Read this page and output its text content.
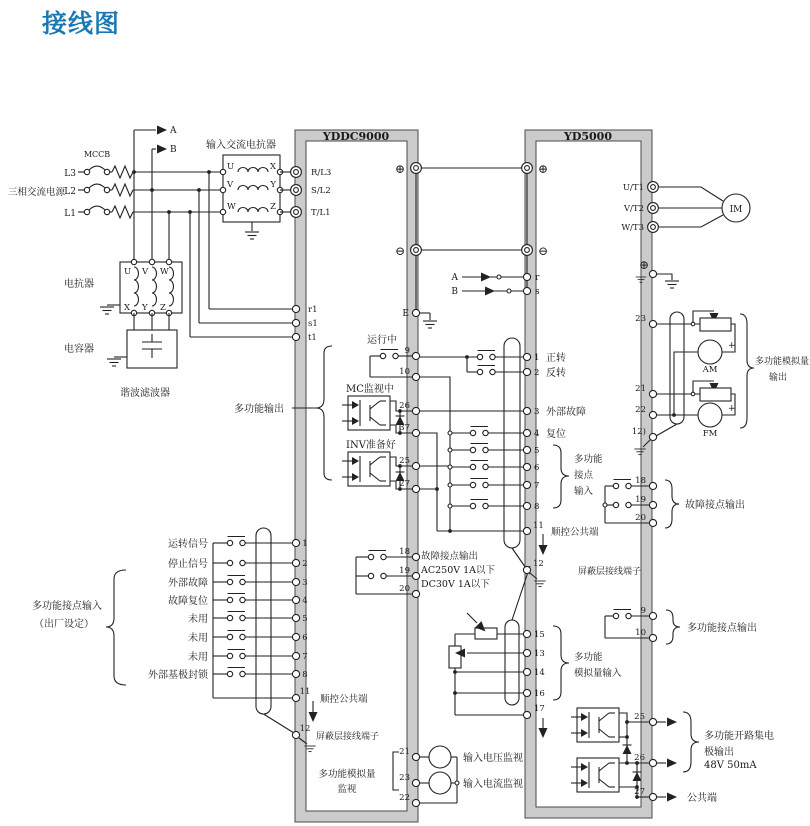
接线图
YDDC9000	YD5000
三相交流电源
L3
L2
L1
MCCB
A
B	输入交流电抗器
U
V
W
X
Y
Z
电抗器
U V W
X Y Z
电容器
谐波滤波器
R/L3
S/L2
T/L1
r1
s1
t1
⊕	⊕
⊖	⊖
E
A
B
r
s
多功能输出
运行中
9
10
MC监视中
26
37
INV准备好
25
27
1
2
3
4
5
6
7
8
11
正转
反转
外部故障
复位
多功能
接点
输入
顺控公共端
12
屏蔽层接线端子
15
13
14
16
17
多功能
模拟量输入
运转信号
停止信号
外部故障
故障复位
未用
未用
未用
外部基极封锁
多功能接点输入
（出厂设定）
1
2
3
4
5
6
7
8
11
顺控公共端
12
屏蔽层接线端子
18
19
20
故障接点输出
AC250V 1A以下
DC30V 1A以下
多功能模拟量
监视
21
23
22
输入电压监视
输入电流监视
U/T1
V/T2
W/T3
IM
⊕
+
AM
+
FM
23
21
22
12)
多功能模拟量
输出
18
19
20
故障接点输出
9
10	多功能接点输出
25
26
27
多功能开路集电
极输出
48V 50mA
公共端
